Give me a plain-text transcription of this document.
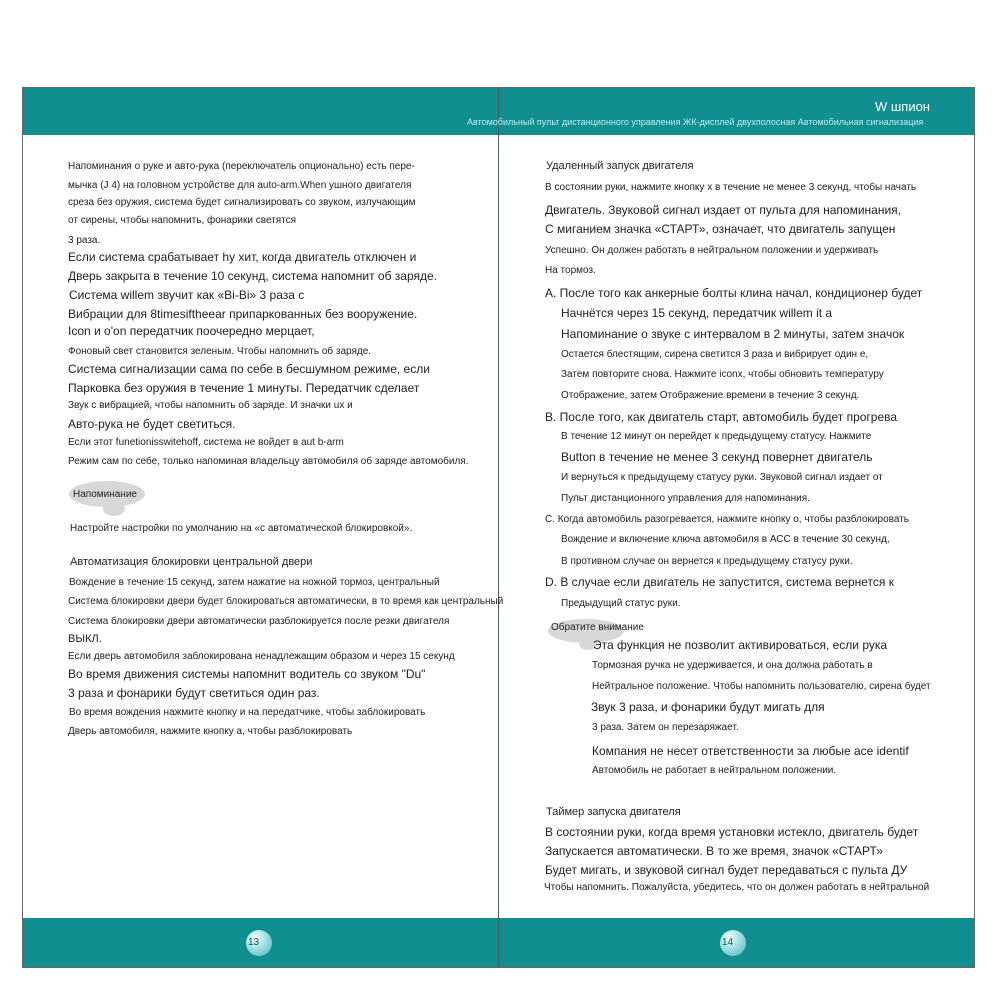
W шпион
Автомобильный пульт дистанционного управления ЖК-дисплей двухполосная Автомобильная сигнализация
13	14
Напоминания о руке и авто-рука (переключатель опционально) есть пере-
мычка (J 4) на головном устройстве для auto-arm.When ушного двигателя
среза без оружия, система будет сигнализировать со звуком, излучающим
от сирены, чтобы напомнить, фонарики светятся
3 раза.
Если система срабатывает hy хит, когда двигатель отключен и
Дверь закрыта в течение 10 секунд, система напомнит об заряде.
Система willem звучит как «Bi-Bi» 3 раза с
Вибрации для 8timesiftheear припаркованных без вооружение.
Icon и o'on передатчик поочередно мерцает,
Фоновый свет становится зеленым. Чтобы напомнить об заряде.
Система сигнализации сама по себе в бесшумном режиме, если
Парковка без оружия в течение 1 минуты. Передатчик сделает
Звук с вибрацией, чтобы напомнить об заряде. И значки ux и
Авто-рука не будет светиться.
Если этот funetionisswitehoff, система не войдет в aut b-arm
Режим сам по себе, только напоминая владельцу автомобиля об заряде автомобиля.
Напоминание
Настройте настройки по умолчанию на «с автоматической блокировкой».
Автоматизация блокировки центральной двери
Вождение в течение 15 секунд, затем нажатие на ножной тормоз, центральный
Система блокировки двери будет блокироваться автоматически, в то время как центральный
Система блокировки двери автоматически разблокируется после резки двигателя
ВЫКЛ.
Если дверь автомобиля заблокирована ненадлежащим образом и через 15 секунд
Во время движения системы напомнит водитель со звуком "Du"
3 раза и фонарики будут светиться один раз.
Во время вождения нажмите кнопку и на передатчике, чтобы заблокировать
Дверь автомобиля, нажмите кнопку а, чтобы разблокировать
Удаленный запуск двигателя
В состоянии руки, нажмите кнопку х в течение не менее 3 секунд, чтобы начать
Двигатель. Звуковой сигнал издает от пульта для напоминания,
С миганием значка «СТАРТ», означает, что двигатель запущен
Успешно. Он должен работать в нейтральном положении и удерживать
На тормоз.
A. После того как анкерные болты клина начал, кондиционер будет
Начнётся через 15 секунд, передатчик willem it a
Напоминание о звуке с интервалом в 2 минуты, затем значок
Остается блестящим, сирена светится 3 раза и вибрирует один е,
Затем повторите снова. Нажмите iconx, чтобы обновить температуру
Отображение, затем Отображение времени в течение 3 секунд.
B. После того, как двигатель старт, автомобиль будет прогрева
В течение 12 минут он перейдет к предыдущему статусу. Нажмите
Button в течение не менее 3 секунд повернет двигатель
И вернуться к предыдущему статусу руки. Звуковой сигнал издает от
Пульт дистанционного управления для напоминания.
C. Когда автомобиль разогревается, нажмите кнопку о, чтобы разблокировать
Вождение и включение ключа автомобиля в АСС в течение 30 секунд,
В противном случае он вернется к предыдущему статусу руки.
D. В случае если двигатель не запустится, система вернется к
Предыдущий статус руки.
Обратите внимание
Эта функция не позволит активироваться, если рука
Тормозная ручка не удерживается, и она должна работать в
Нейтральное положение. Чтобы напомнить пользователю, сирена будет
Звук 3 раза, и фонарики будут мигать для
3 раза. Затем он перезаряжает.
Компания не несет ответственности за любые ace identif
Автомобиль не работает в нейтральном положении.
Таймер запуска двигателя
В состоянии руки, когда время установки истекло, двигатель будет
Запускается автоматически. В то же время, значок «СТАРТ»
Будет мигать, и звуковой сигнал будет передаваться с пульта ДУ
Чтобы напомнить. Пожалуйста, убедитесь, что он должен работать в нейтральной
